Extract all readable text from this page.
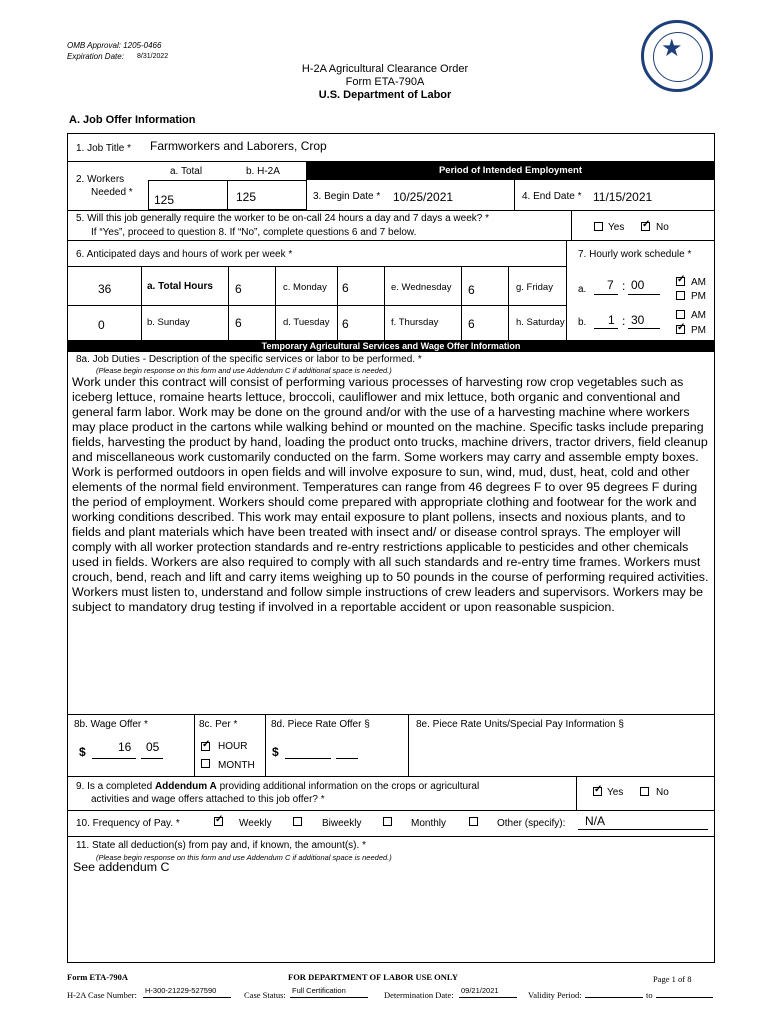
OMB Approval: 1205-0466
Expiration Date: 8/31/2022
H-2A Agricultural Clearance Order
Form ETA-790A
U.S. Department of Labor
★
A. Job Offer Information
1. Job Title * Farmworkers and Laborers, Crop
2. Workers
Needed *
a. Total	b. H-2A
125	125
Period of Intended Employment
3. Begin Date * 10/25/2021	4. End Date * 11/15/2021
5. Will this job generally require the worker to be on-call 24 hours a day and 7 days a week? *
If “Yes”, proceed to question 8. If “No”, complete questions 6 and 7 below.	Yes ✓	No
6. Anticipated days and hours of work per week *	7. Hourly work schedule *
36	a. Total Hours 6	c. Monday 6	e. Wednesday 6	g. Friday
0	b. Sunday	6	d. Tuesday 6	f. Thursday 6	h. Saturday
a. 7 : 00 ✓	AM
PM
b. 1 : 30	AM
✓
PM
Temporary Agricultural Services and Wage Offer Information
8a. Job Duties - Description of the specific services or labor to be performed. *
(Please begin response on this form and use Addendum C if additional space is needed.)
Work under this contract will consist of performing various processes of harvesting row crop vegetables such as iceberg lettuce, romaine hearts lettuce, broccoli, cauliflower and mix lettuce, both organic and conventional and general farm labor. Work may be done on the ground and/or with the use of a harvesting machine where workers may place product in the cartons while walking behind or mounted on the machine. Specific tasks include preparing fields, harvesting the product by hand, loading the product onto trucks, machine drivers, tractor drivers, field cleanup and miscellaneous work customarily conducted on the farm. Some workers may carry and assemble empty boxes. Work is performed outdoors in open fields and will involve exposure to sun, wind, mud, dust, heat, cold and other elements of the normal field environment. Temperatures can range from 46 degrees F to over 95 degrees F during the period of employment. Workers should come prepared with appropriate clothing and footwear for the work and working conditions described. This work may entail exposure to plant pollens, insects and noxious plants, and to fields and plant materials which have been treated with insect and/ or disease control sprays. The employer will comply with all worker protection standards and re-entry restrictions applicable to pesticides and other chemicals used in fields. Workers are also required to comply with all such standards and re-entry time frames. Workers must crouch, bend, reach and lift and carry items weighing up to 50 pounds in the course of performing required activities. Workers must listen to, understand and follow simple instructions of crew leaders and supervisors. Workers may be subject to mandatory drug testing if involved in a reportable accident or upon reasonable suspicion.
8b. Wage Offer *
$	16 05
8c. Per *
✓
HOUR
MONTH
8d. Piece Rate Offer §
$
8e. Piece Rate Units/Special Pay Information §
9. Is a completed Addendum A providing additional information on the crops or agricultural
activities and wage offers attached to this job offer? *
✓
Yes	No
10. Frequency of Pay. * ✓	Weekly	Biweekly	Monthly	Other (specify): N/A
11. State all deduction(s) from pay and, if known, the amount(s). *
(Please begin response on this form and use Addendum C if additional space is needed.)
See addendum C
Form ETA-790A	FOR DEPARTMENT OF LABOR USE ONLY	Page 1 of 8
H-2A Case Number: H-300-21229-527590	Case Status: Full Certification	Determination Date: 09/21/2021	Validity Period:	to
